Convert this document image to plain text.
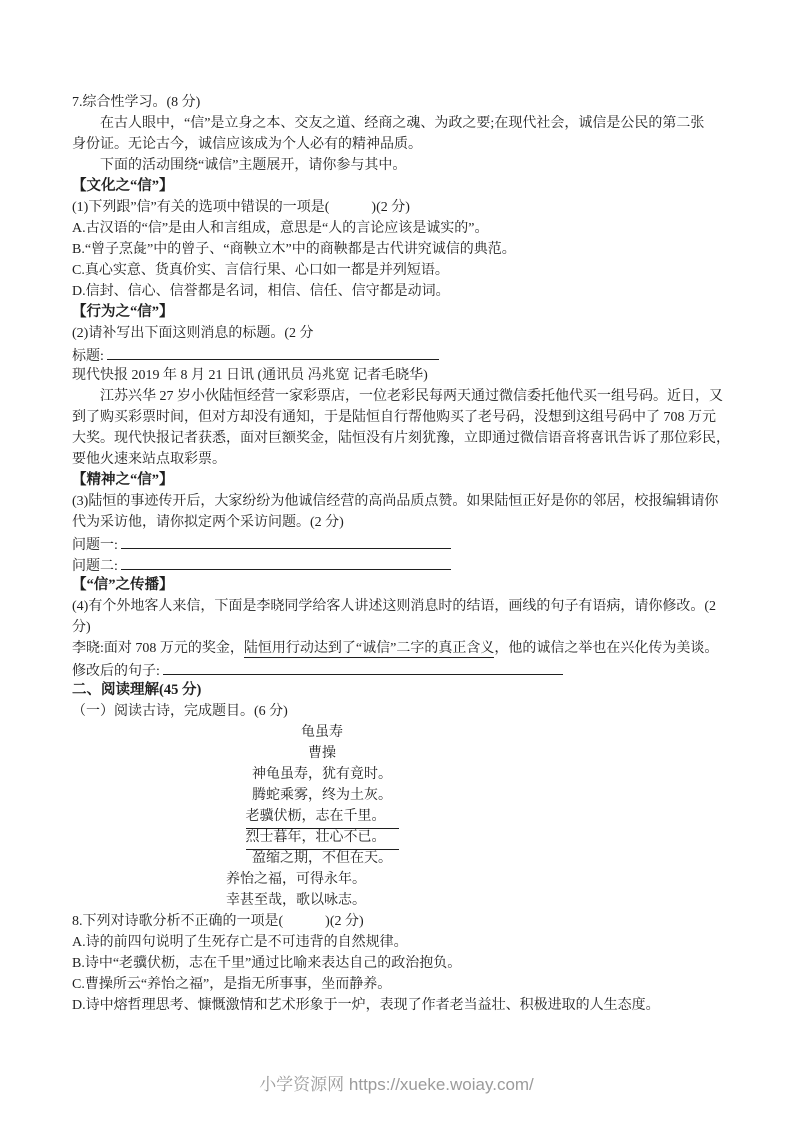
7.综合性学习。(8 分)
在古人眼中，“信”是立身之本、交友之道、经商之魂、为政之要;在现代社会，诚信是公民的第二张
身份证。无论古今，诚信应该成为个人必有的精神品质。
下面的活动围绕“诚信”主题展开，请你参与其中。
【文化之“信”】
(1)下列跟”信”有关的选项中错误的一项是(　　　)(2 分)
A.古汉语的“信”是由人和言组成，意思是“人的言论应该是诚实的”。
B.“曾子烹彘”中的曾子、“商鞅立木”中的商鞅都是古代讲究诚信的典范。
C.真心实意、货真价实、言信行果、心口如一都是并列短语。
D.信封、信心、信誉都是名词，相信、信任、信守都是动词。
【行为之“信”】
(2)请补写出下面这则消息的标题。(2 分
标题:
现代快报 2019 年 8 月 21 日讯 (通讯员 冯兆宽 记者毛晓华)
江苏兴华 27 岁小伙陆恒经营一家彩票店，一位老彩民每两天通过微信委托他代买一组号码。近日，又
到了购买彩票时间，但对方却没有通知，于是陆恒自行帮他购买了老号码，没想到这组号码中了 708 万元
大奖。现代快报记者获悉，面对巨额奖金，陆恒没有片刻犹豫，立即通过微信语音将喜讯告诉了那位彩民，
要他火速来站点取彩票。
【精神之“信”】
(3)陆恒的事迹传开后，大家纷纷为他诚信经营的高尚品质点赞。如果陆恒正好是你的邻居，校报编辑请你
代为采访他，请你拟定两个采访问题。(2 分)
问题一:
问题二:
【“信”之传播】
(4)有个外地客人来信，下面是李晓同学给客人讲述这则消息时的结语，画线的句子有语病，请你修改。(2
分)
李晓:面对 708 万元的奖金，陆恒用行动达到了“诚信”二字的真正含义，他的诚信之举也在兴化传为美谈。
修改后的句子:
二、阅读理解(45 分)
（一）阅读古诗，完成题目。(6 分)
龟虽寿
曹操
神龟虽寿，犹有竟时。
腾蛇乘雾，终为土灰。
老骥伏枥，志在千里。
烈士暮年，壮心不已。
盈缩之期，不但在天。
养怡之福，可得永年。
幸甚至哉，歌以咏志。
8.下列对诗歌分析不正确的一项是(　　　)(2 分)
A.诗的前四句说明了生死存亡是不可违背的自然规律。
B.诗中“老骥伏枥，志在千里”通过比喻来表达自己的政治抱负。
C.曹操所云“养怡之福”，是指无所事事，坐而静养。
D.诗中熔哲理思考、慷慨激情和艺术形象于一炉，表现了作者老当益壮、积极进取的人生态度。
小学资源网 https://xueke.woiay.com/
